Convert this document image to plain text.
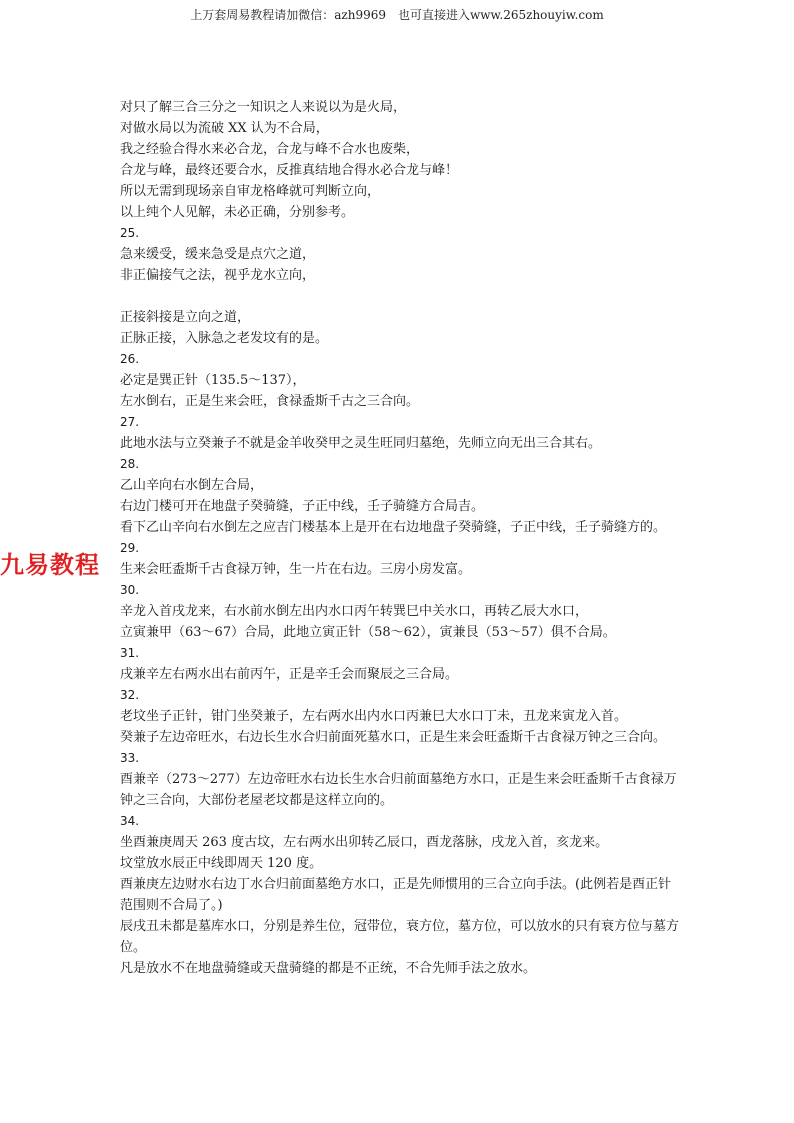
上万套周易教程请加微信：azh9969　也可直接进入www.265zhouyiw.com
九易教程
对只了解三合三分之一知识之人来说以为是火局，
对做水局以为流破 XX 认为不合局，
我之经验合得水来必合龙，合龙与峰不合水也废柴，
合龙与峰，最终还要合水，反推真结地合得水必合龙与峰！
所以无需到现场亲自审龙格峰就可判断立向，
以上纯个人见解，未必正确，分别参考。
25.
急来缓受，缓来急受是点穴之道，
非正偏接气之法，视乎龙水立向，
正接斜接是立向之道，
正脉正接，入脉急之老发坟有的是。
26.
必定是巽正针（135.5～137），
左水倒右，正是生来会旺，食禄盉斯千古之三合向。
27.
此地水法与立癸兼子不就是金羊收癸甲之灵生旺同归墓绝，先师立向无出三合其右。
28.
乙山辛向右水倒左合局，
右边门楼可开在地盘子癸骑缝，子正中线，壬子骑缝方合局吉。
看下乙山辛向右水倒左之应吉门楼基本上是开在右边地盘子癸骑缝，子正中线，壬子骑缝方的。
29.
生来会旺盉斯千古食禄万钟，生一片在右边。三房小房发富。
30.
辛龙入首戌龙来，右水前水倒左出内水口丙午转巽巳中关水口，再转乙辰大水口，
立寅兼甲（63～67）合局，此地立寅正针（58～62），寅兼艮（53～57）俱不合局。
31.
戌兼辛左右两水出右前丙午，正是辛壬会而聚辰之三合局。
32.
老坟坐子正针，钳门坐癸兼子，左右两水出内水口丙兼巳大水口丁未，丑龙来寅龙入首。
癸兼子左边帝旺水，右边长生水合归前面死墓水口，正是生来会旺盉斯千古食禄万钟之三合向。
33.
酉兼辛（273～277）左边帝旺水右边长生水合归前面墓绝方水口，正是生来会旺盉斯千古食禄万钟之三合向，大部份老屋老坟都是这样立向的。
34.
坐酉兼庚周天 263 度古坟，左右两水出卯转乙辰口，酉龙落脉，戌龙入首，亥龙来。
坟堂放水辰正中线即周天 120 度。
酉兼庚左边财水右边丁水合归前面墓绝方水口，正是先师惯用的三合立向手法。(此例若是酉正针范围则不合局了。)
辰戌丑未都是墓库水口，分别是养生位，冠带位，衰方位，墓方位，可以放水的只有衰方位与墓方位。
凡是放水不在地盘骑缝或天盘骑缝的都是不正统，不合先师手法之放水。
